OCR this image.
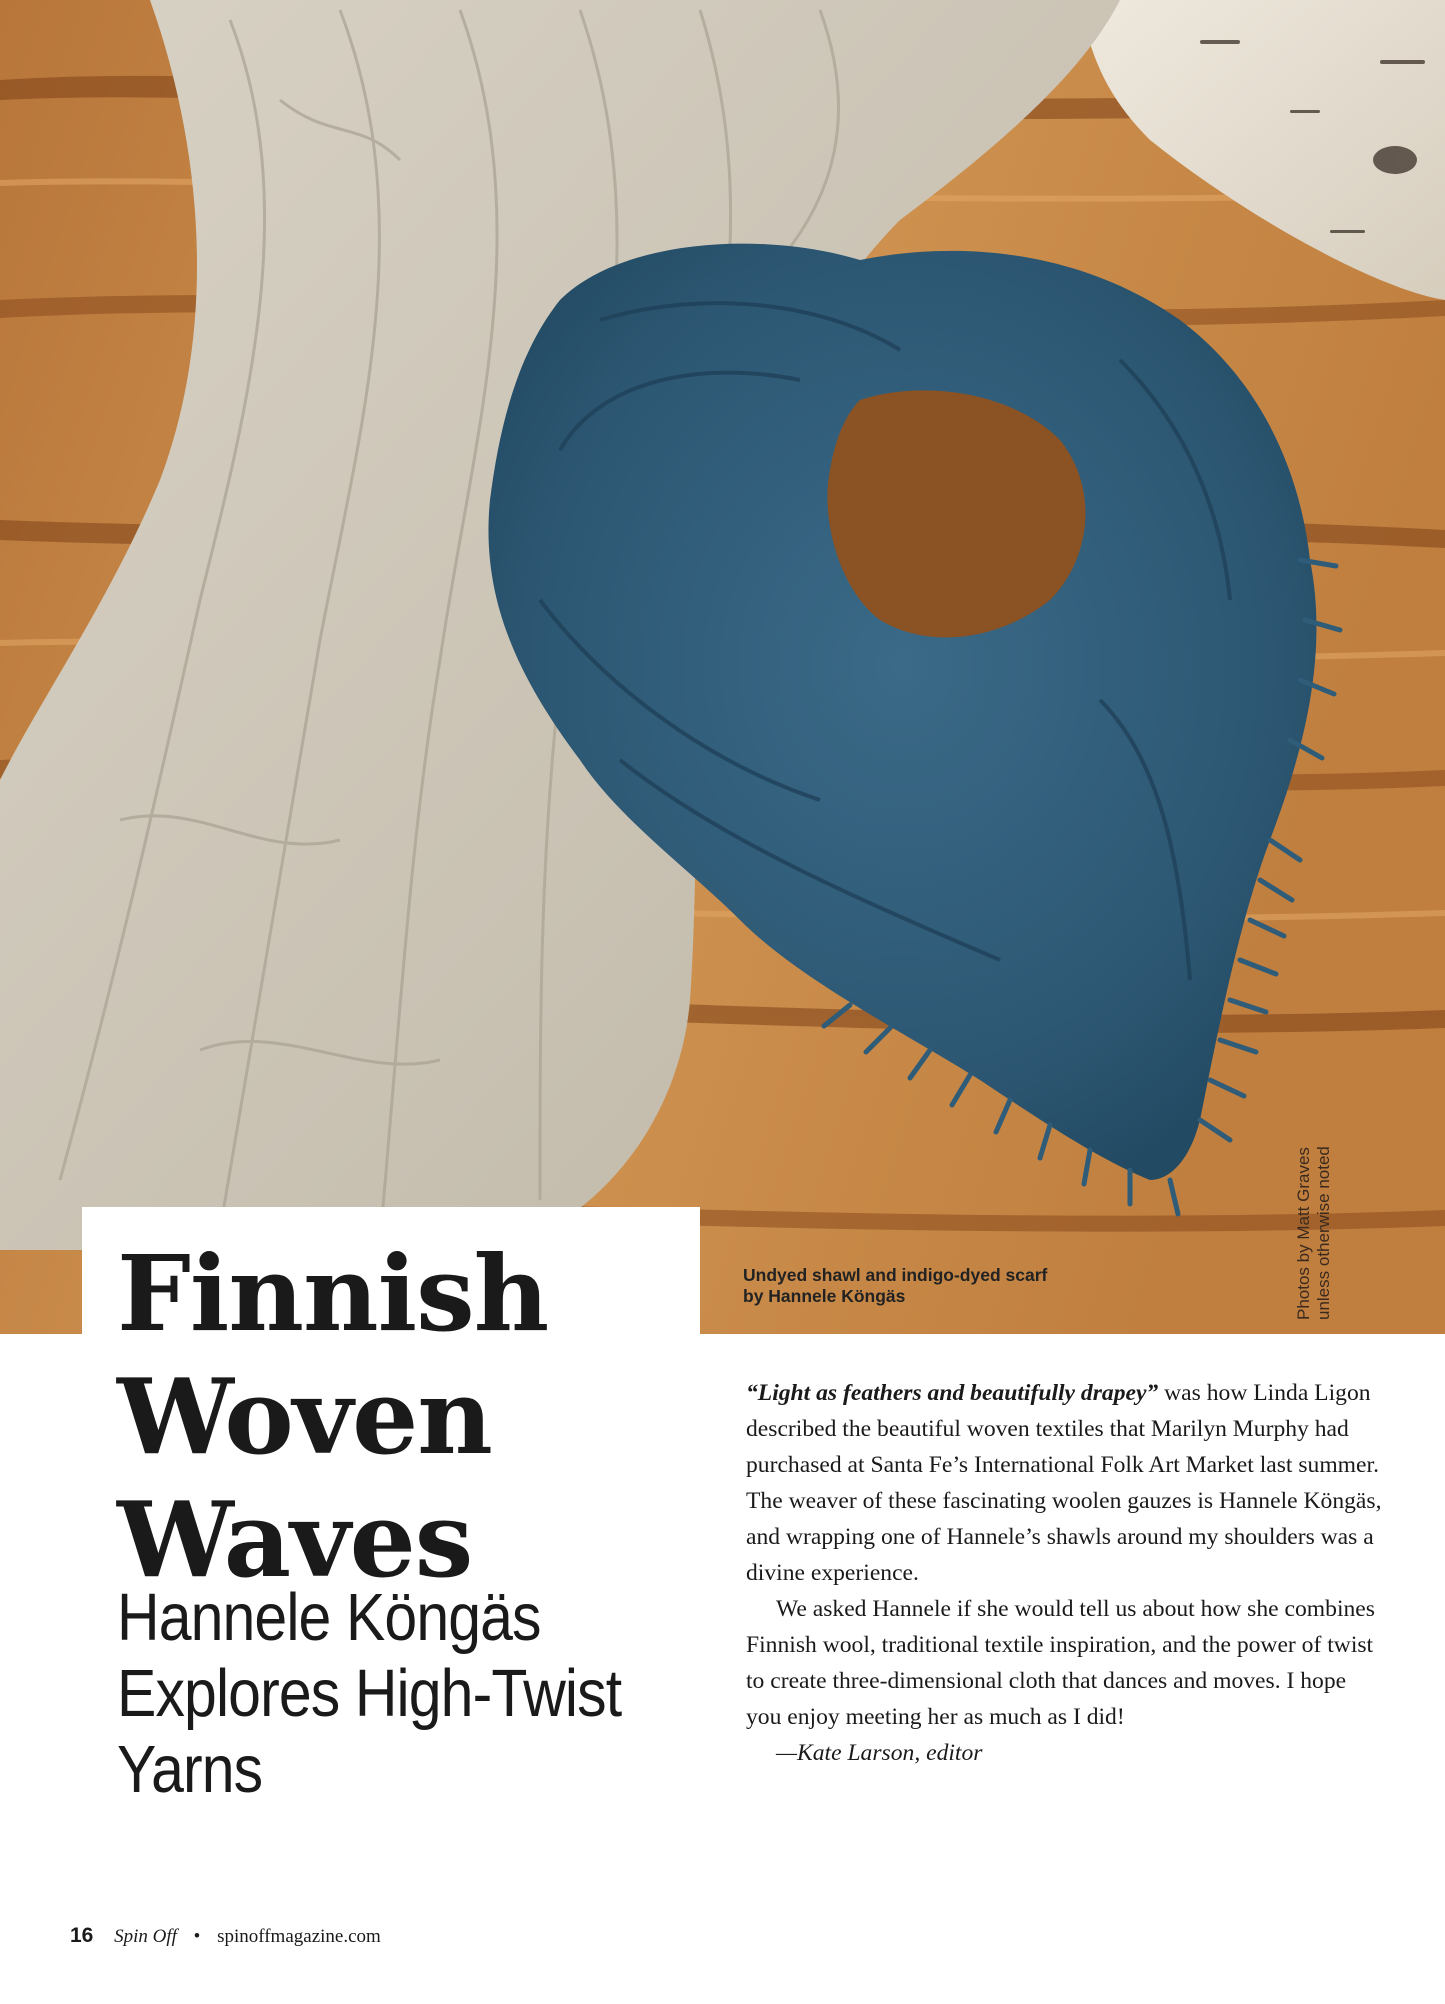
Photos by Matt Graves unless otherwise noted
Undyed shawl and indigo-dyed scarf
by Hannele Köngäs
Finnish
Woven
Waves
Hannele Köngäs
Explores High-Twist
Yarns

“Light as feathers and beautifully drapey” was how Linda Ligon described the beautiful woven textiles that Marilyn Murphy had purchased at Santa Fe’s International Folk Art Market last summer. The weaver of these fascinating woolen gauzes is Hannele Köngäs, and wrapping one of Hannele’s shawls around my shoulders was a divine experience.

We asked Hannele if she would tell us about how she combines Finnish wool, traditional textile inspiration, and the power of twist to create three-dimensional cloth that dances and moves. I hope you enjoy meeting her as much as I did!

—Kate Larson, editor

16 Spin Off • spinoffmagazine.com
